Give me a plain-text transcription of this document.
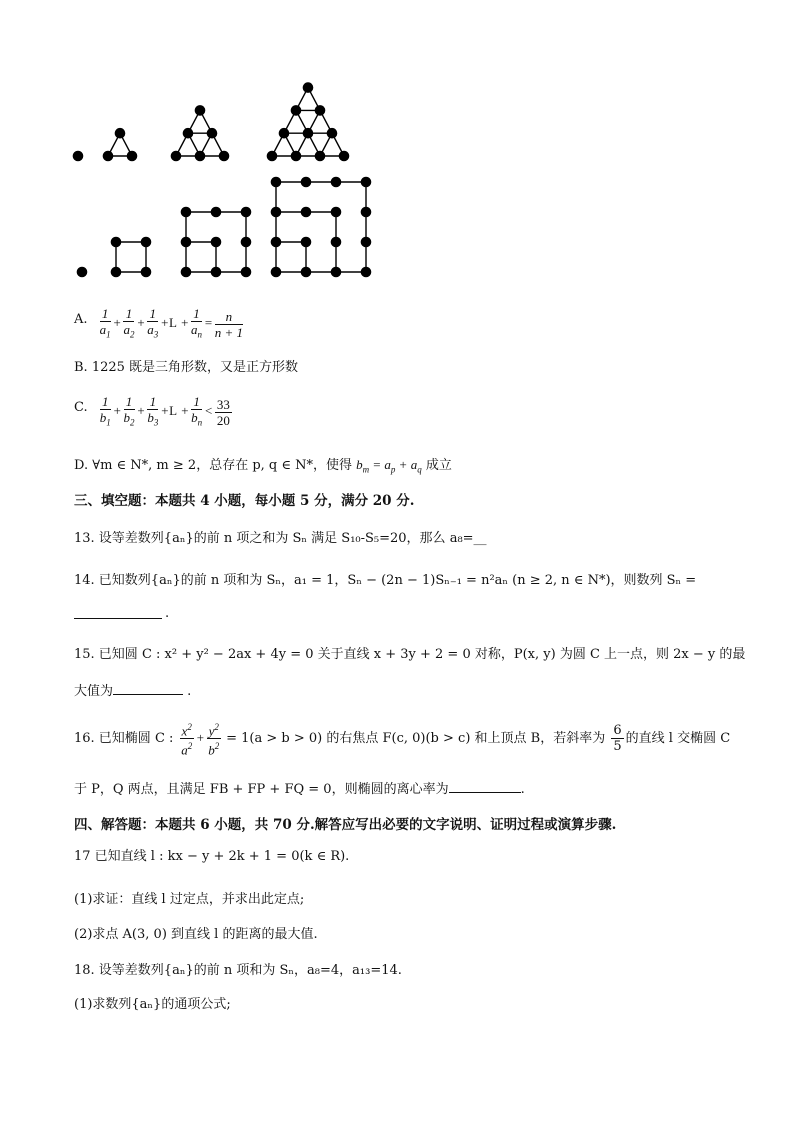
A. $\frac{1}{a_1} + \frac{1}{a_2} + \frac{1}{a_3} +L + \frac{1}{a_n} = \frac{n}{n + 1}$
B. 1225 既是三角形数，又是正方形数
C. $\frac{1}{b_1} + \frac{1}{b_2} + \frac{1}{b_3} +L + \frac{1}{b_n} < \frac{33}{20}$
D. ∀m ∈ N*, m ≥ 2，总存在 p, q ∈ N*，使得 $b_m = a_p + a_q$ 成立
三、填空题：本题共 4 小题，每小题 5 分，满分 20 分.
13. 设等差数列{aₙ}的前 n 项之和为 Sₙ 满足 S₁₀-S₅=20，那么 a₈=__
14. 已知数列{aₙ}的前 n 项和为 Sₙ，a₁ = 1，Sₙ − (2n − 1)Sₙ₋₁ = n²aₙ (n ≥ 2, n ∈ N*)，则数列 Sₙ =
.
15. 已知圆 C : x² + y² − 2ax + 4y = 0 关于直线 x + 3y + 2 = 0 对称，P(x, y) 为圆 C 上一点，则 2x − y 的最
大值为	.
16. 已知椭圆 C : $\frac{x^2}{a^2} + \frac{y^2}{b^2} = 1(a > b > 0)$ 的右焦点 F(c, 0)(b > c) 和上顶点 B，若斜率为 $\frac{6}{5}$ 的直线 l 交椭圆 C
于 P，Q 两点，且满足 FB + FP + FQ = 0，则椭圆的离心率为	.
四、解答题：本题共 6 小题，共 70 分.解答应写出必要的文字说明、证明过程或演算步骤.
17 已知直线 l : kx − y + 2k + 1 = 0(k ∈ R).
(1)求证：直线 l 过定点，并求出此定点;
(2)求点 A(3, 0) 到直线 l 的距离的最大值.
18. 设等差数列{aₙ}的前 n 项和为 Sₙ，a₈=4，a₁₃=14.
(1)求数列{aₙ}的通项公式;
